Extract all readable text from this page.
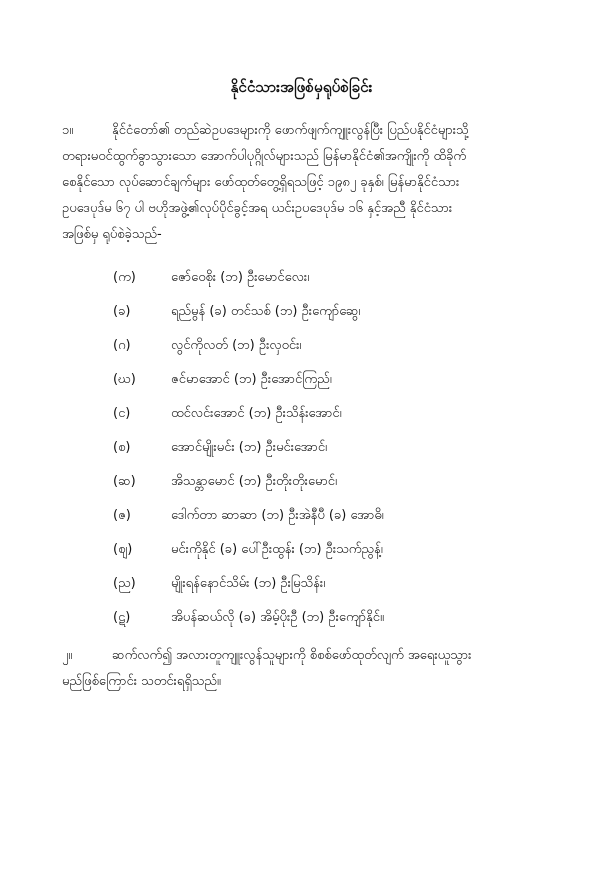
နိုင်ငံသားအဖြစ်မှရုပ်စဲခြင်း
၁။	နိုင်ငံတော်၏ တည်ဆဲဥပဒေများကို ဖောက်ဖျက်ကျူးလွန်ပြီး ပြည်ပနိုင်ငံများသို့
တရားမဝင်ထွက်ခွာသွားသော အောက်ပါပုဂ္ဂိုလ်များသည် မြန်မာနိုင်ငံ၏အကျိုးကို ထိခိုက်
စေနိုင်သော လုပ်ဆောင်ချက်များ ဖော်ထုတ်တွေ့ရှိရသဖြင့် ၁၉၈၂ ခုနှစ်၊ မြန်မာနိုင်ငံသား
ဥပဒေပုဒ်မ ၆၇ ပါ ဗဟိုအဖွဲ့၏လုပ်ပိုင်ခွင့်အရ ယင်းဥပဒေပုဒ်မ ၁၆ နှင့်အညီ နိုင်ငံသား
အဖြစ်မှ ရုပ်စဲခဲ့သည်-
(က)	ဇော်ဝေစိုး (ဘ) ဦးမောင်လေး၊
(ခ)	ရည်မွန် (ခ) တင်သစ် (ဘ) ဦးကျော်ဆွေ၊
(ဂ)	လွင်ကိုလတ် (ဘ) ဦးလှဝင်း၊
(ဃ)	ဇင်မာအောင် (ဘ) ဦးအောင်ကြည်၊
(င)	ထင်လင်းအောင် (ဘ) ဦးသိန်းအောင်၊
(စ)	အောင်မျိုးမင်း (ဘ) ဦးမင်းအောင်၊
(ဆ)	အိသန္တာမောင် (ဘ) ဦးတိုးတိုးမောင်၊
(ဇ)	ဒေါက်တာ ဆာဆာ (ဘ) ဦးအဲနီပီ (ခ) အောဓိ၊
(ဈ)	မင်းကိုနိုင် (ခ) ပေါ်ဦးထွန်း (ဘ) ဦးသက်ညွန့်၊
(ည)	မျိုးရန်နောင်သိမ်း (ဘ) ဦးမြသိန်း၊
(ဋ)	အိပန်ဆယ်လို (ခ) အိမ့်ပိုးဦ (ဘ) ဦးကျော်နိုင်။
၂။	ဆက်လက်၍ အလားတူကျူးလွန်သူများကို စိစစ်ဖော်ထုတ်လျက် အရေးယူသွား
မည်ဖြစ်ကြောင်း သတင်းရရှိသည်။
